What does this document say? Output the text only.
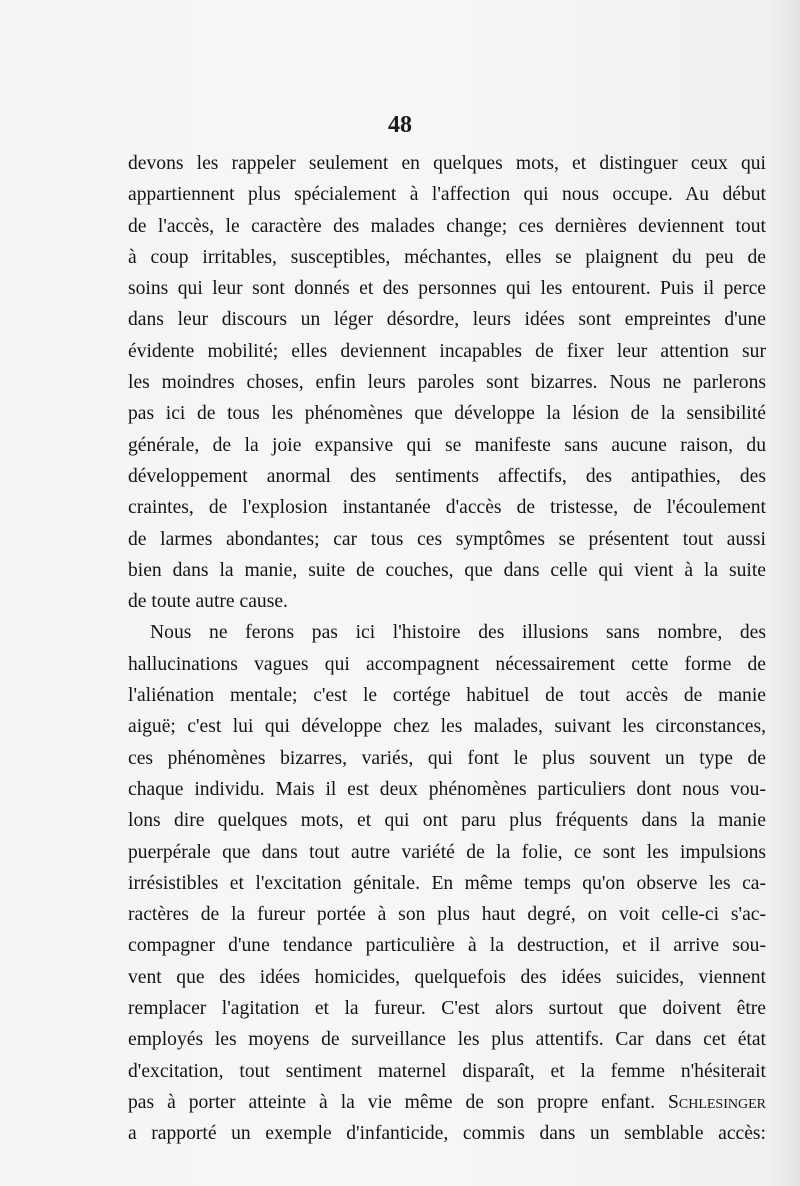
48
devons les rappeler seulement en quelques mots, et distinguer ceux qui
appartiennent plus spécialement à l'affection qui nous occupe. Au début
de l'accès, le caractère des malades change; ces dernières deviennent tout
à coup irritables, susceptibles, méchantes, elles se plaignent du peu de
soins qui leur sont donnés et des personnes qui les entourent. Puis il perce
dans leur discours un léger désordre, leurs idées sont empreintes d'une
évidente mobilité; elles deviennent incapables de fixer leur attention sur
les moindres choses, enfin leurs paroles sont bizarres. Nous ne parlerons
pas ici de tous les phénomènes que développe la lésion de la sensibilité
générale, de la joie expansive qui se manifeste sans aucune raison, du
développement anormal des sentiments affectifs, des antipathies, des
craintes, de l'explosion instantanée d'accès de tristesse, de l'écoulement
de larmes abondantes; car tous ces symptômes se présentent tout aussi
bien dans la manie, suite de couches, que dans celle qui vient à la suite
de toute autre cause.
Nous ne ferons pas ici l'histoire des illusions sans nombre, des
hallucinations vagues qui accompagnent nécessairement cette forme de
l'aliénation mentale; c'est le cortége habituel de tout accès de manie
aiguë; c'est lui qui développe chez les malades, suivant les circonstances,
ces phénomènes bizarres, variés, qui font le plus souvent un type de
chaque individu. Mais il est deux phénomènes particuliers dont nous vou-
lons dire quelques mots, et qui ont paru plus fréquents dans la manie
puerpérale que dans tout autre variété de la folie, ce sont les impulsions
irrésistibles et l'excitation génitale. En même temps qu'on observe les ca-
ractères de la fureur portée à son plus haut degré, on voit celle-ci s'ac-
compagner d'une tendance particulière à la destruction, et il arrive sou-
vent que des idées homicides, quelquefois des idées suicides, viennent
remplacer l'agitation et la fureur. C'est alors surtout que doivent être
employés les moyens de surveillance les plus attentifs. Car dans cet état
d'excitation, tout sentiment maternel disparaît, et la femme n'hésiterait
pas à porter atteinte à la vie même de son propre enfant. Schlesinger
a rapporté un exemple d'infanticide, commis dans un semblable accès:
